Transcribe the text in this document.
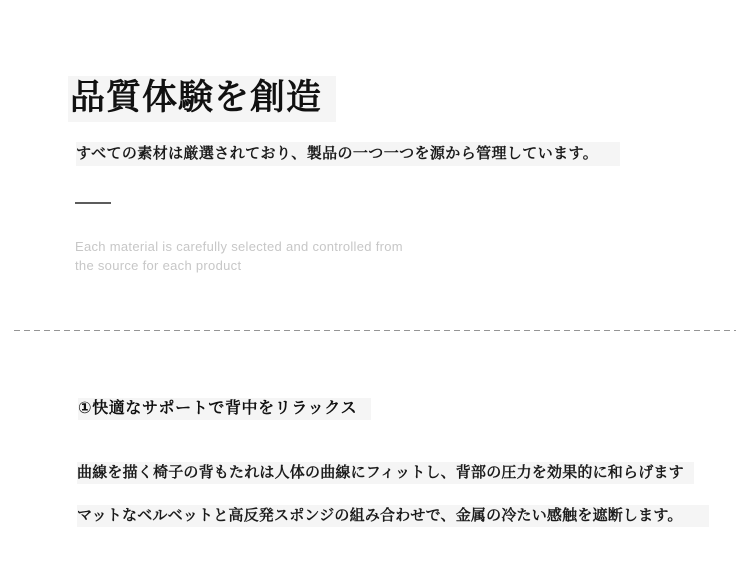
品質体験を創造

すべての素材は厳選されており、製品の一つ一つを源から管理しています。

Each material is carefully selected and controlled from
the source for each product
①快適なサポートで背中をリラックス

曲線を描く椅子の背もたれは人体の曲線にフィットし、背部の圧力を効果的に和らげます

マットなベルベットと高反発スポンジの組み合わせで、金属の冷たい感触を遮断します。
